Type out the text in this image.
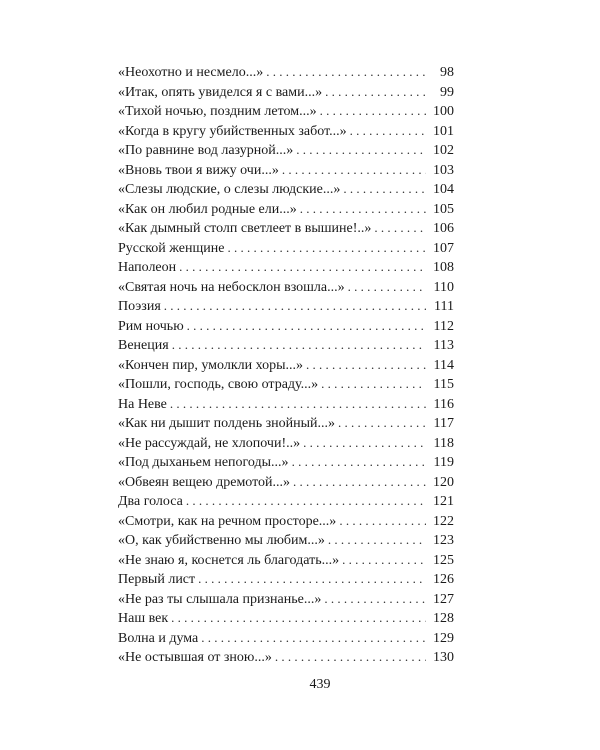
«Неохотно и несмело...» . . .	98
«Итак, опять увиделся я с вами...» . . .	99
«Тихой ночью, поздним летом...» . . .	100
«Когда в кругу убийственных забот...» . . .	101
«По равнине вод лазурной...» . . .	102
«Вновь твои я вижу очи...» . . .	103
«Слезы людские, о слезы людские...» . . .	104
«Как он любил родные ели...» . . .	105
«Как дымный столп светлеет в вышине!..» . . .	106
Русской женщине . . .	107
Наполеон . . .	108
«Святая ночь на небосклон взошла...» . . .	110
Поэзия . . .	111
Рим ночью . . .	112
Венеция . . .	113
«Кончен пир, умолкли хоры...» . . .	114
«Пошли, господь, свою отраду...» . . .	115
На Неве . . .	116
«Как ни дышит полдень знойный...» . . .	117
«Не рассуждай, не хлопочи!..» . . .	118
«Под дыханьем непогоды...» . . .	119
«Обвеян вещею дремотой...» . . .	120
Два голоса . . .	121
«Смотри, как на речном просторе...» . . .	122
«О, как убийственно мы любим...» . . .	123
«Не знаю я, коснется ль благодать...» . . .	125
Первый лист . . .	126
«Не раз ты слышала признанье...» . . .	127
Наш век . . .	128
Волна и дума . . .	129
«Не остывшая от зною...» . . .	130
439
